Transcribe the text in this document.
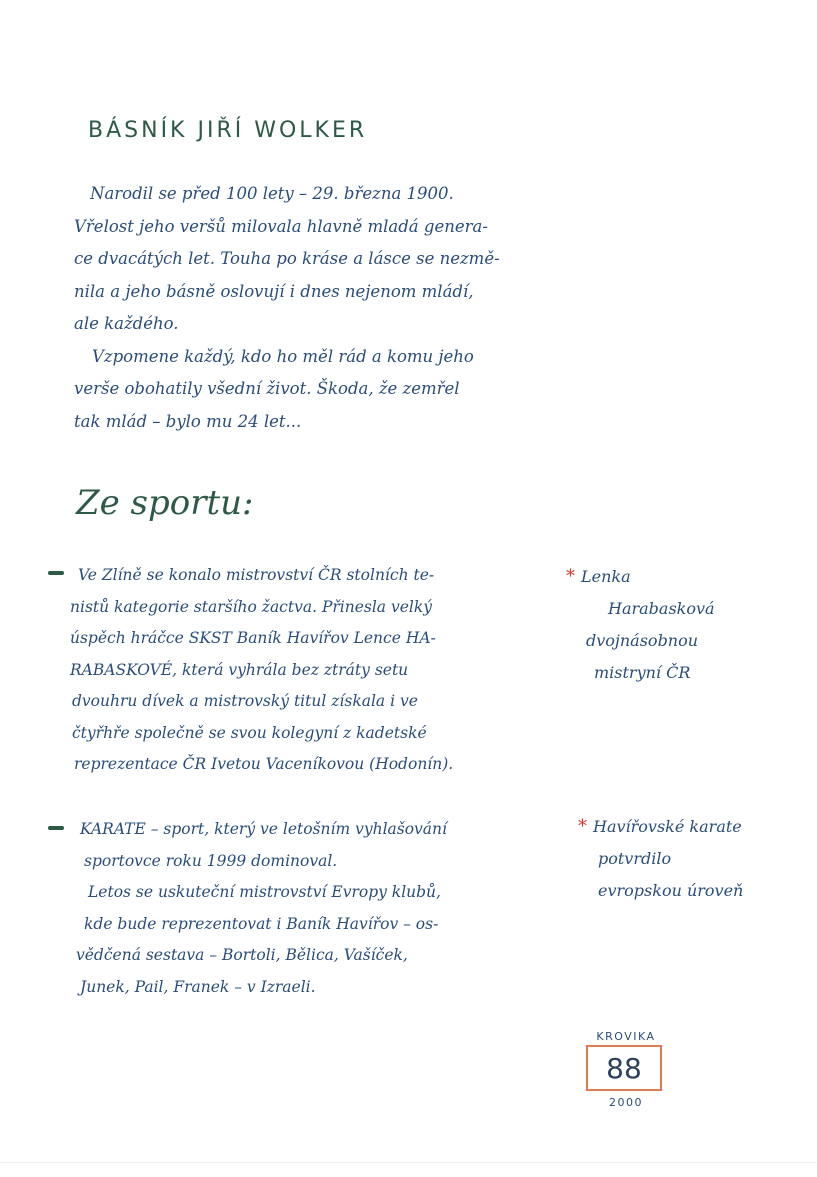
BÁSNÍK JIŘÍ WOLKER
Narodil se před 100 lety – 29. března 1900.
Vřelost jeho veršů milovala hlavně mladá genera-
ce dvacátých let. Touha po kráse a lásce se nezmě-
nila a jeho básně oslovují i dnes nejenom mládí,
ale každého.
Vzpomene každý, kdo ho měl rád a komu jeho
verše obohatily všední život. Škoda, že zemřel
tak mlád – bylo mu 24 let...
Ze sportu:
Ve Zlíně se konalo mistrovství ČR stolních te-
nistů kategorie staršího žactva. Přinesla velký
úspěch hráčce SKST Baník Havířov Lence HA-
RABASKOVÉ, která vyhrála bez ztráty setu
dvouhru dívek a mistrovský titul získala i ve
čtyřhře společně se svou kolegyní z kadetské
reprezentace ČR Ivetou Vaceníkovou (Hodonín).
* Lenka
Harabasková
dvojnásobnou
mistryní ČR
KARATE – sport, který ve letošním vyhlašování
sportovce roku 1999 dominoval.
Letos se uskuteční mistrovství Evropy klubů,
kde bude reprezentovat i Baník Havířov – os-
vědčená sestava – Bortoli, Bělica, Vašíček,
Junek, Pail, Franek – v Izraeli.
* Havířovské karate
potvrdilo
evropskou úroveň
KROVIKA
88
2000
